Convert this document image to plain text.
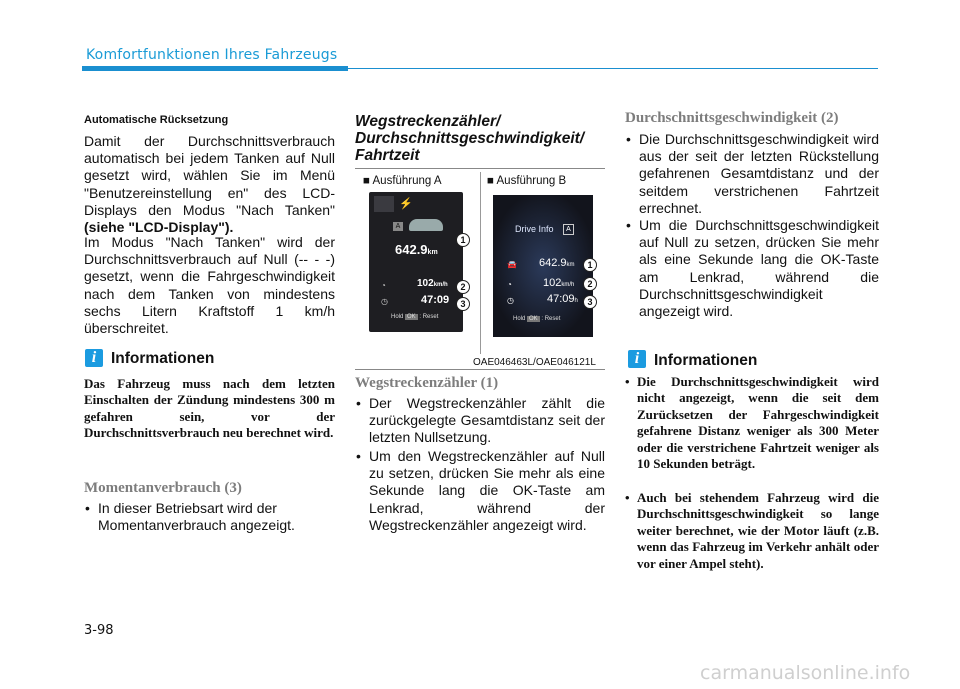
Komfortfunktionen Ihres Fahrzeugs
Automatische Rücksetzung
Damit der Durchschnittsverbrauch automatisch bei jedem Tanken auf Null gesetzt wird, wählen Sie im Menü "Benutzereinstellung en" des LCD-Displays den Modus "Nach Tanken" (siehe "LCD-Display").
Im Modus "Nach Tanken" wird der Durchschnittsverbrauch auf Null (-- - -) gesetzt, wenn die Fahrgeschwindigkeit nach dem Tanken von mindestens sechs Litern Kraftstoff 1 km/h überschreitet.
i Informationen
Das Fahrzeug muss nach dem letzten Einschalten der Zündung mindestens 300 m gefahren sein, vor der Durchschnittsverbrauch neu berechnet wird.
Momentanverbrauch (3)
• In dieser Betriebsart wird der Momentanverbrauch angezeigt.
Wegstreckenzähler/ Durchschnittsgeschwindigkeit/ Fahrtzeit
■ Ausführung A	■ Ausführung B
⚡
A
642.9km
◔	102km/h
◷	47:09
Hold OK : Reset
1
2
3
Drive Info	A
🚘 642.9km
◔	102km/h
◷	47:09h
Hold OK : Reset
1
2
3
OAE046463L/OAE046121L
Wegstreckenzähler (1)
• Der Wegstreckenzähler zählt die zurückgelegte Gesamtdistanz seit der letzten Nullsetzung.
• Um den Wegstreckenzähler auf Null zu setzen, drücken Sie mehr als eine Sekunde lang die OK-Taste am Lenkrad, während der Wegstreckenzähler angezeigt wird.
Durchschnittsgeschwindigkeit (2)
• Die Durchschnittsgeschwindigkeit wird aus der seit der letzten Rückstellung gefahrenen Gesamtdistanz und der seitdem verstrichenen Fahrtzeit errechnet.
• Um die Durchschnittsgeschwindigkeit auf Null zu setzen, drücken Sie mehr als eine Sekunde lang die OK-Taste am Lenkrad, während die Durchschnittsgeschwindigkeit angezeigt wird.
i Informationen
• Die Durchschnittsgeschwindigkeit wird nicht angezeigt, wenn die seit dem Zurücksetzen der Fahrgeschwindigkeit gefahrene Distanz weniger als 300 Meter oder die verstrichene Fahrtzeit weniger als 10 Sekunden beträgt.
• Auch bei stehendem Fahrzeug wird die Durchschnittsgeschwindigkeit so lange weiter berechnet, wie der Motor läuft (z.B. wenn das Fahrzeug im Verkehr anhält oder vor einer Ampel steht).
3-98
carmanualsonline.info
